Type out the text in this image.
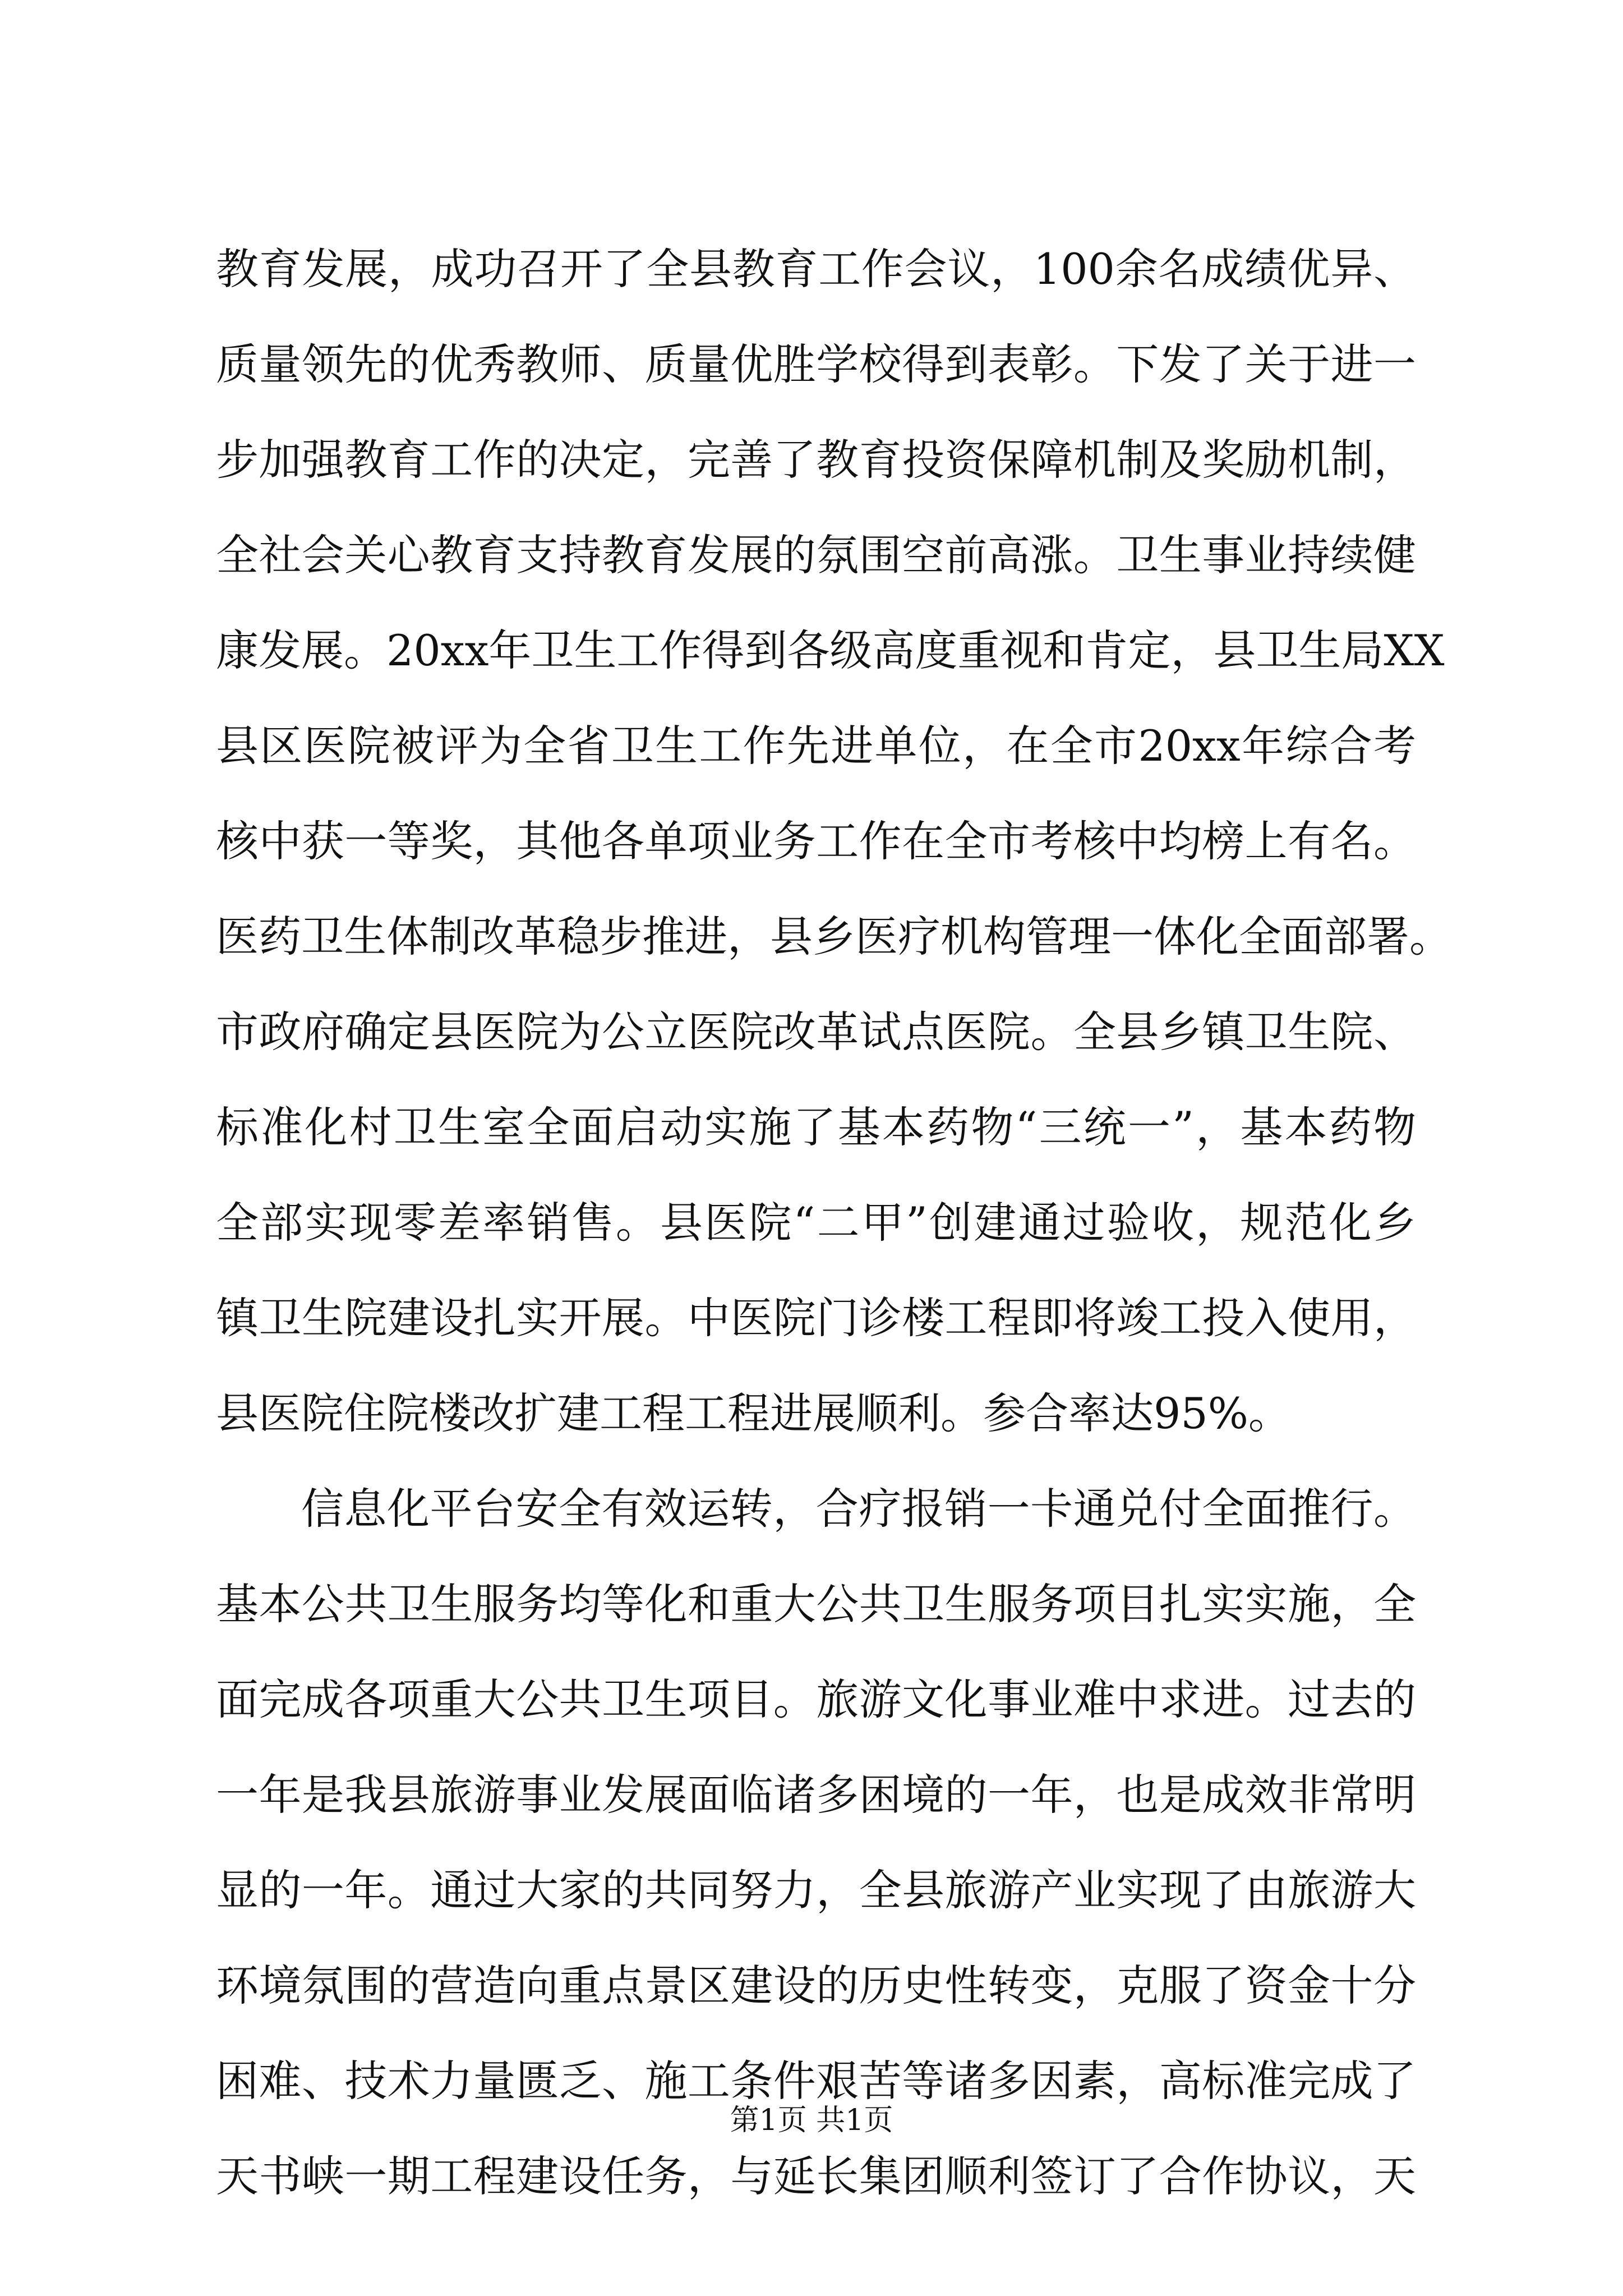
教育发展，成功召开了全县教育工作会议，100余名成绩优异、
质量领先的优秀教师、质量优胜学校得到表彰。下发了关于进一
步加强教育工作的决定，完善了教育投资保障机制及奖励机制，
全社会关心教育支持教育发展的氛围空前高涨。卫生事业持续健
康发展。20xx年卫生工作得到各级高度重视和肯定，县卫生局XX
县区医院被评为全省卫生工作先进单位，在全市20xx年综合考
核中获一等奖，其他各单项业务工作在全市考核中均榜上有名。
医药卫生体制改革稳步推进，县乡医疗机构管理一体化全面部署。
市政府确定县医院为公立医院改革试点医院。全县乡镇卫生院、
标准化村卫生室全面启动实施了基本药物“三统一”，基本药物
全部实现零差率销售。县医院“二甲”创建通过验收，规范化乡
镇卫生院建设扎实开展。中医院门诊楼工程即将竣工投入使用，
县医院住院楼改扩建工程工程进展顺利。参合率达95%。
信息化平台安全有效运转，合疗报销一卡通兑付全面推行。
基本公共卫生服务均等化和重大公共卫生服务项目扎实实施，全
面完成各项重大公共卫生项目。旅游文化事业难中求进。过去的
一年是我县旅游事业发展面临诸多困境的一年，也是成效非常明
显的一年。通过大家的共同努力，全县旅游产业实现了由旅游大
环境氛围的营造向重点景区建设的历史性转变，克服了资金十分
困难、技术力量匮乏、施工条件艰苦等诸多因素，高标准完成了
天书峡一期工程建设任务，与延长集团顺利签订了合作协议，天
第1页 共1页
